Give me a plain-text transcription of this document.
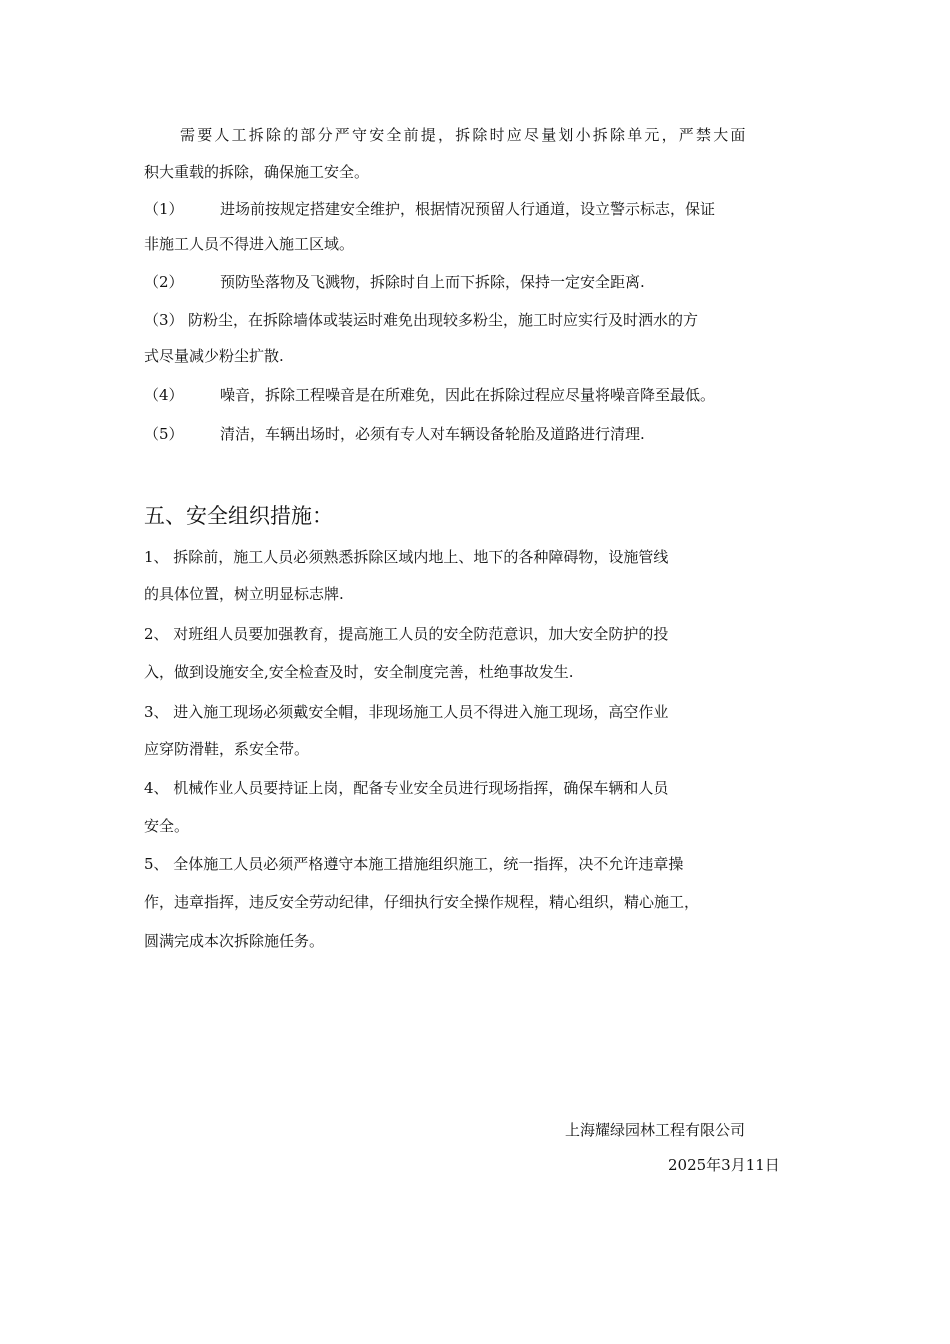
需要人工拆除的部分严守安全前提，拆除时应尽量划小拆除单元，严禁大面
积大重载的拆除，确保施工安全。
（1） 进场前按规定搭建安全维护，根据情况预留人行通道，设立警示标志，保证
非施工人员不得进入施工区域。
（2） 预防坠落物及飞溅物，拆除时自上而下拆除，保持一定安全距离.
（3） 防粉尘，在拆除墙体或装运时难免出现较多粉尘，施工时应实行及时洒水的方
式尽量减少粉尘扩散.
（4） 噪音，拆除工程噪音是在所难免，因此在拆除过程应尽量将噪音降至最低。
（5） 清洁，车辆出场时，必须有专人对车辆设备轮胎及道路进行清理.
五、安全组织措施：
1、 拆除前，施工人员必须熟悉拆除区域内地上、地下的各种障碍物，设施管线
的具体位置，树立明显标志牌.
2、 对班组人员要加强教育，提高施工人员的安全防范意识，加大安全防护的投
入，做到设施安全,安全检查及时，安全制度完善，杜绝事故发生.
3、 进入施工现场必须戴安全帽，非现场施工人员不得进入施工现场，高空作业
应穿防滑鞋，系安全带。
4、 机械作业人员要持证上岗，配备专业安全员进行现场指挥，确保车辆和人员
安全。
5、 全体施工人员必须严格遵守本施工措施组织施工，统一指挥，决不允许违章操
作，违章指挥，违反安全劳动纪律，仔细执行安全操作规程，精心组织，精心施工，
圆满完成本次拆除施任务。
上海耀绿园林工程有限公司
2025年3月11日
